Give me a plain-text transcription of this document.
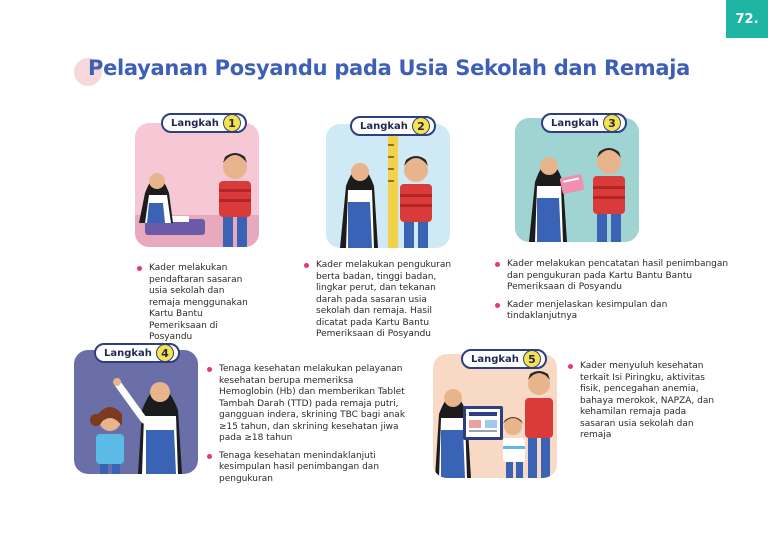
72.
Pelayanan Posyandu pada Usia Sekolah dan Remaja
Langkah 1
Kader melakukan pendaftaran sasaran usia sekolah dan remaja menggunakan Kartu Bantu Pemeriksaan di Posyandu
Langkah 2
Kader melakukan pengukuran berta badan, tinggi badan, lingkar perut, dan tekanan darah pada sasaran usia sekolah dan remaja. Hasil dicatat pada Kartu Bantu Pemeriksaan di Posyandu
Langkah 3
Kader melakukan pencatatan hasil penimbangan dan pengukuran pada Kartu Bantu Bantu Pemeriksaan di Posyandu
Kader menjelaskan kesimpulan dan tindaklanjutnya
Langkah 4
Tenaga kesehatan melakukan pelayanan kesehatan berupa memeriksa Hemoglobin (Hb) dan memberikan Tablet Tambah Darah (TTD) pada remaja putri, gangguan indera, skrining TBC bagi anak ≥15 tahun, dan skrining kesehatan jiwa pada ≥18 tahun
Tenaga kesehatan menindaklanjuti kesimpulan hasil penimbangan dan pengukuran
Langkah 5
Kader menyuluh kesehatan terkait Isi Piringku, aktivitas fisik, pencegahan anemia, bahaya merokok, NAPZA, dan kehamilan remaja pada sasaran usia sekolah dan remaja
